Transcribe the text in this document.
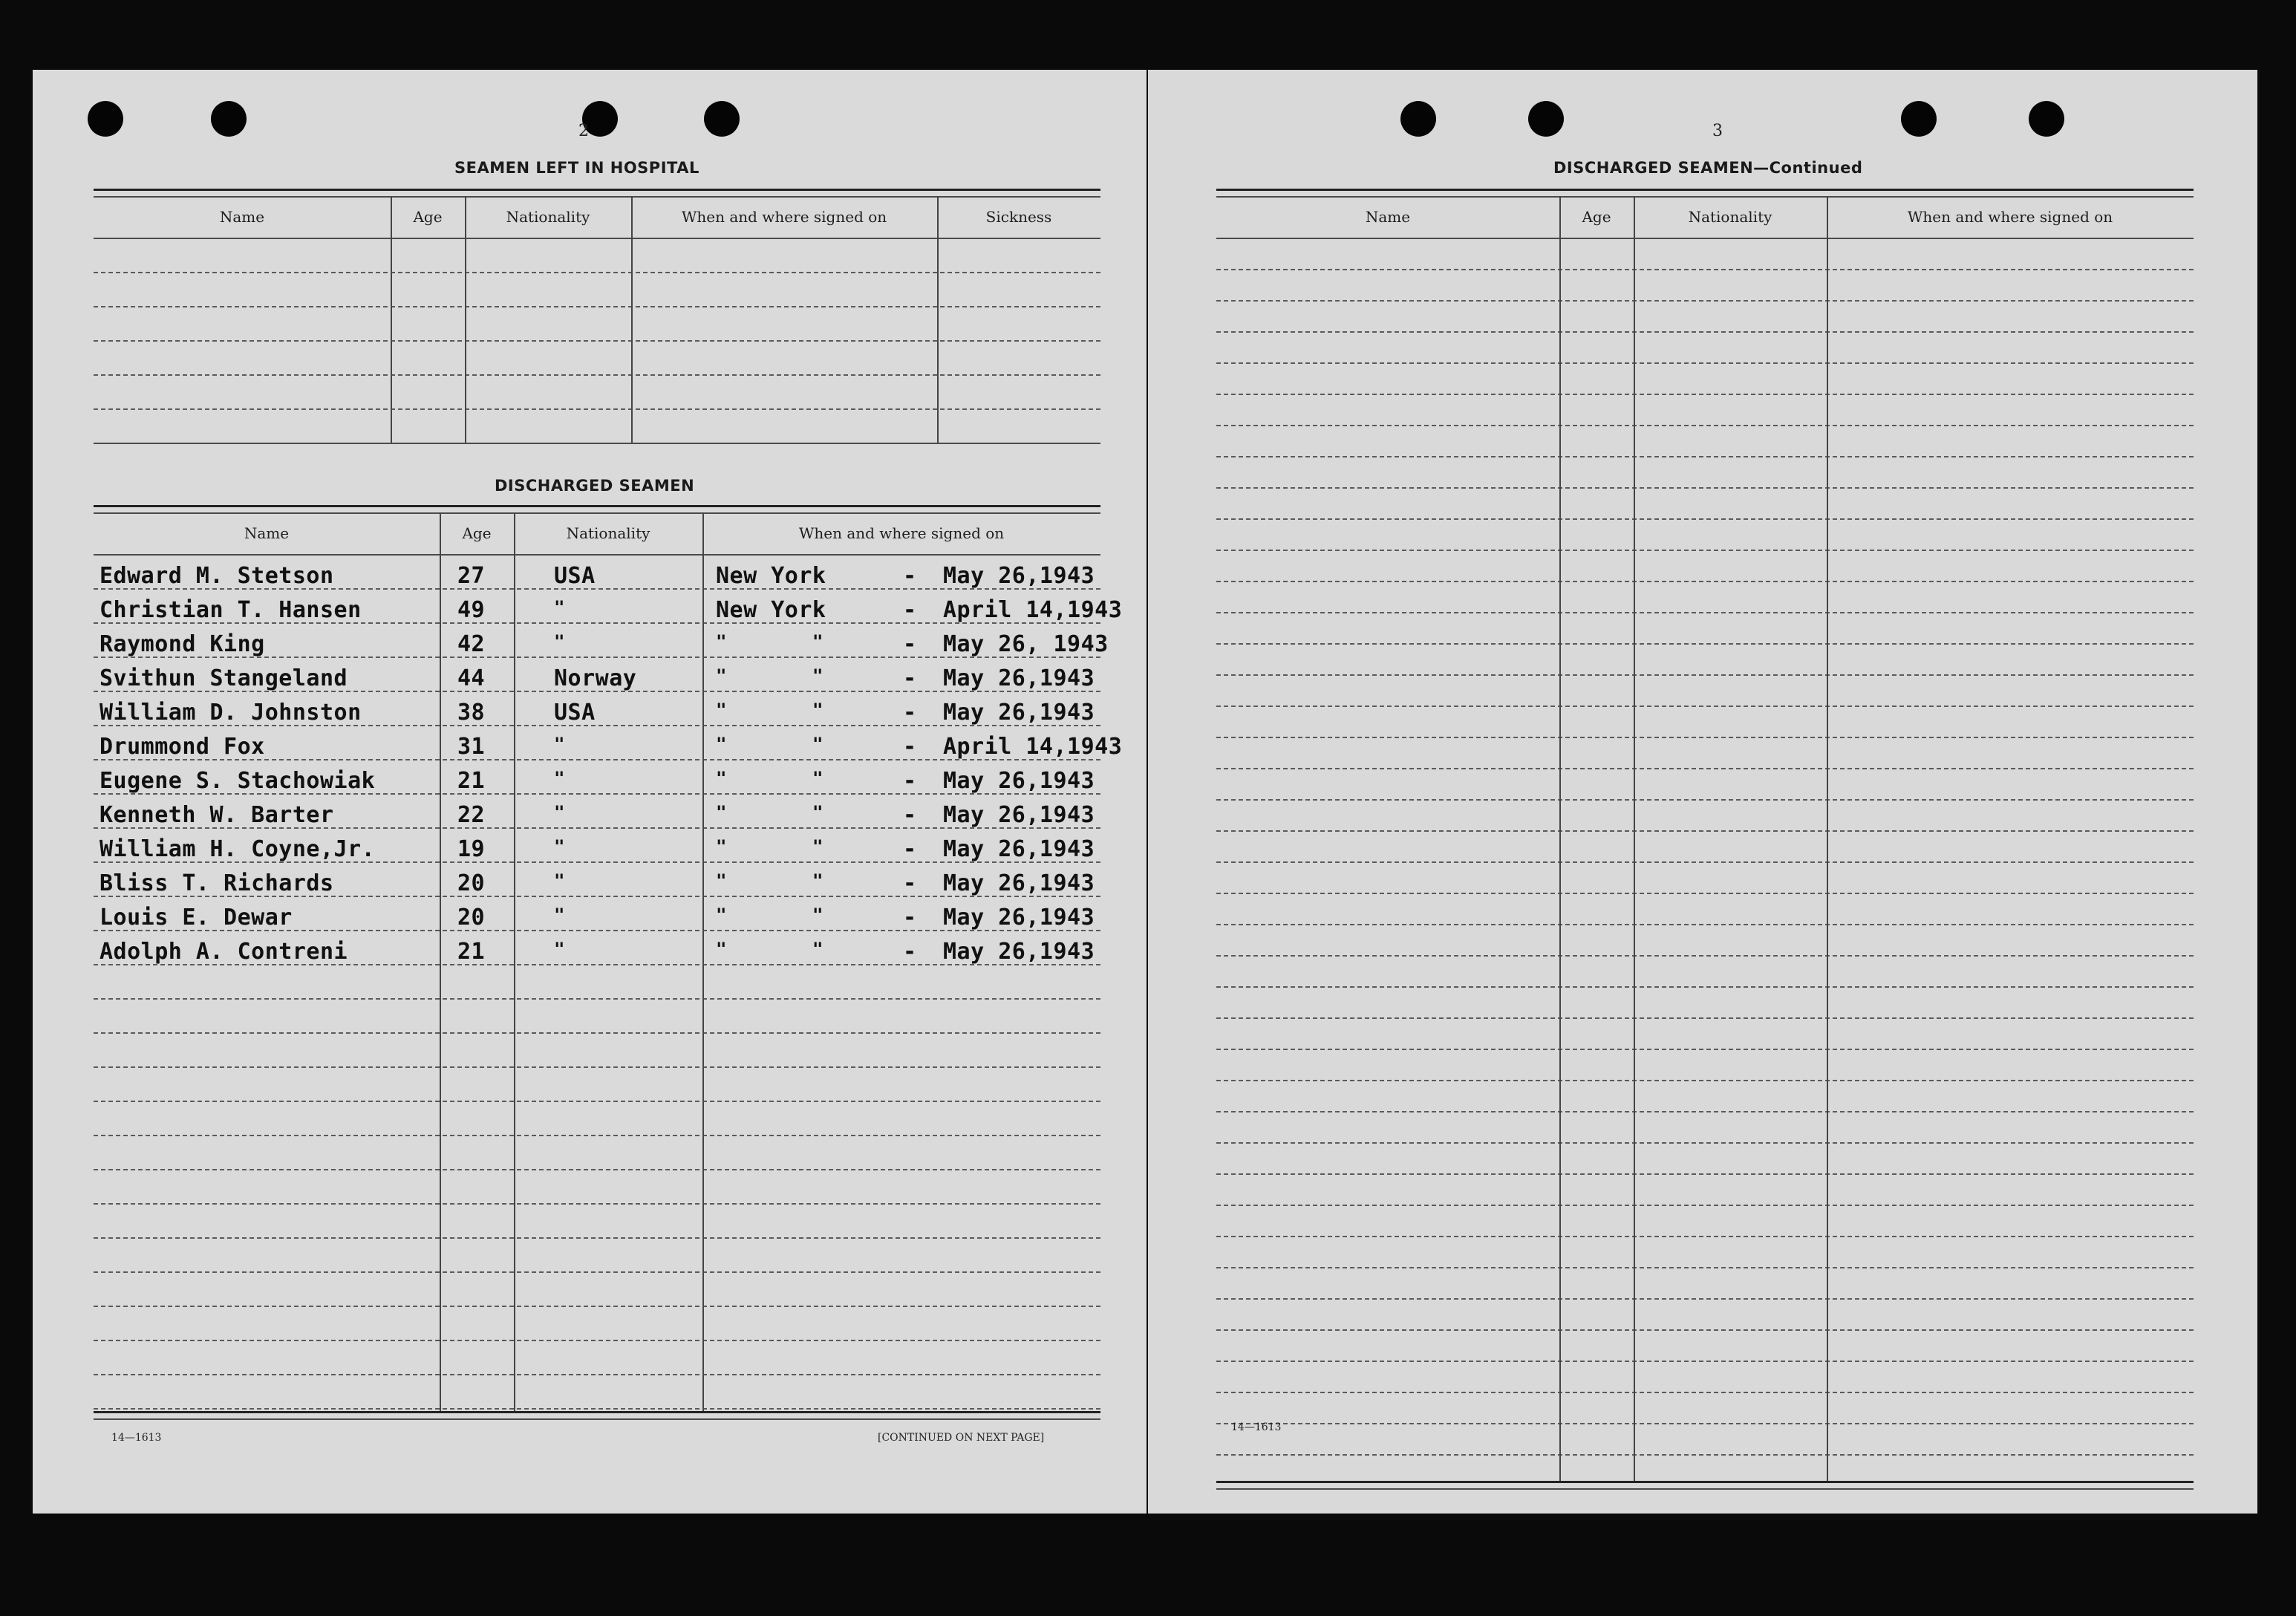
2
SEAMEN LEFT IN HOSPITAL
Name	Age	Nationality	When and where signed on	Sickness
DISCHARGED SEAMEN
Name	Age	Nationality	When and where signed on
Edward M. Stetson	27	USA	New York	- May 26,1943
Christian T. Hansen	49	"	New York	- April 14,1943
Raymond King	42	"	"	"	- May 26, 1943
Svithun Stangeland	44	Norway	"	"	- May 26,1943
William D. Johnston	38	USA	"	"	- May 26,1943
Drummond Fox	31	"	"	"	- April 14,1943
Eugene S. Stachowiak	21	"	"	"	- May 26,1943
Kenneth W. Barter	22	"	"	"	- May 26,1943
William H. Coyne,Jr.	19	"	"	"	- May 26,1943
Bliss T. Richards	20	"	"	"	- May 26,1943
Louis E. Dewar	20	"	"	"	- May 26,1943
Adolph A. Contreni	21	"	"	"	- May 26,1943
14—1613	[CONTINUED ON NEXT PAGE]
3
DISCHARGED SEAMEN—Continued
Name	Age	Nationality	When and where signed on
14—1613
